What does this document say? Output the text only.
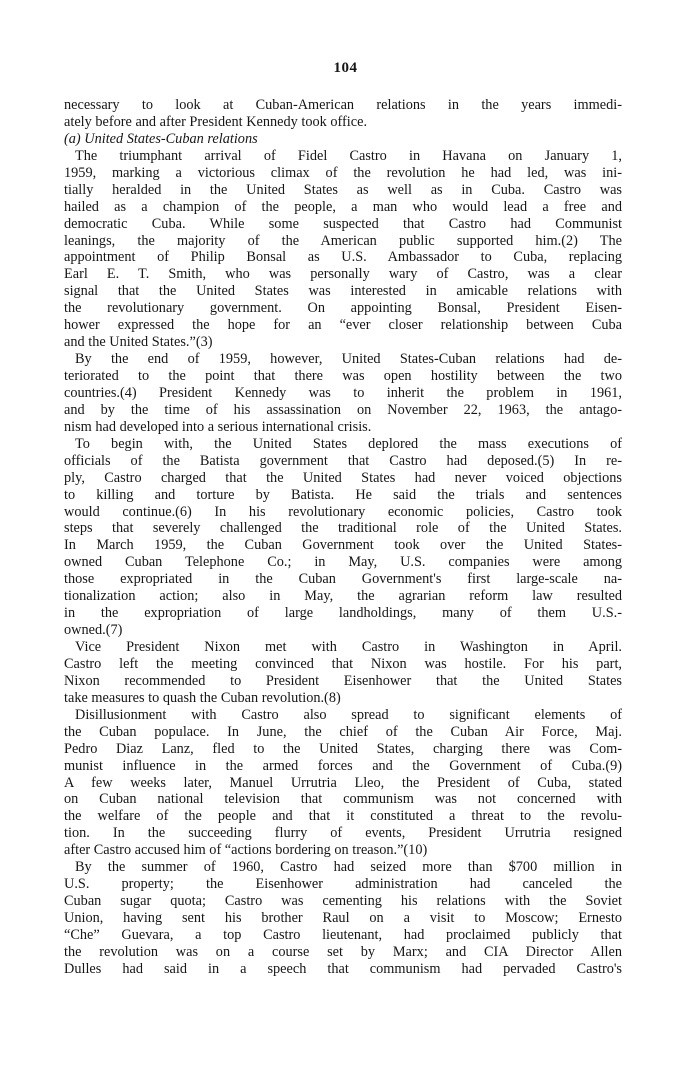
104
necessary to look at Cuban-American relations in the years immedi-
ately before and after President Kennedy took office.
(a) United States-Cuban relations
The triumphant arrival of Fidel Castro in Havana on January 1,
1959, marking a victorious climax of the revolution he had led, was ini-
tially heralded in the United States as well as in Cuba. Castro was
hailed as a champion of the people, a man who would lead a free and
democratic Cuba. While some suspected that Castro had Communist
leanings, the majority of the American public supported him.(2) The
appointment of Philip Bonsal as U.S. Ambassador to Cuba, replacing
Earl E. T. Smith, who was personally wary of Castro, was a clear
signal that the United States was interested in amicable relations with
the revolutionary government. On appointing Bonsal, President Eisen-
hower expressed the hope for an “ever closer relationship between Cuba
and the United States.”(3)
By the end of 1959, however, United States-Cuban relations had de-
teriorated to the point that there was open hostility between the two
countries.(4) President Kennedy was to inherit the problem in 1961,
and by the time of his assassination on November 22, 1963, the antago-
nism had developed into a serious international crisis.
To begin with, the United States deplored the mass executions of
officials of the Batista government that Castro had deposed.(5) In re-
ply, Castro charged that the United States had never voiced objections
to killing and torture by Batista. He said the trials and sentences
would continue.(6) In his revolutionary economic policies, Castro took
steps that severely challenged the traditional role of the United States.
In March 1959, the Cuban Government took over the United States-
owned Cuban Telephone Co.; in May, U.S. companies were among
those expropriated in the Cuban Government's first large-scale na-
tionalization action; also in May, the agrarian reform law resulted
in the expropriation of large landholdings, many of them U.S.-
owned.(7)
Vice President Nixon met with Castro in Washington in April.
Castro left the meeting convinced that Nixon was hostile. For his part,
Nixon recommended to President Eisenhower that the United States
take measures to quash the Cuban revolution.(8)
Disillusionment with Castro also spread to significant elements of
the Cuban populace. In June, the chief of the Cuban Air Force, Maj.
Pedro Diaz Lanz, fled to the United States, charging there was Com-
munist influence in the armed forces and the Government of Cuba.(9)
A few weeks later, Manuel Urrutria Lleo, the President of Cuba, stated
on Cuban national television that communism was not concerned with
the welfare of the people and that it constituted a threat to the revolu-
tion. In the succeeding flurry of events, President Urrutria resigned
after Castro accused him of “actions bordering on treason.”(10)
By the summer of 1960, Castro had seized more than $700 million in
U.S. property; the Eisenhower administration had canceled the
Cuban sugar quota; Castro was cementing his relations with the Soviet
Union, having sent his brother Raul on a visit to Moscow; Ernesto
“Che” Guevara, a top Castro lieutenant, had proclaimed publicly that
the revolution was on a course set by Marx; and CIA Director Allen
Dulles had said in a speech that communism had pervaded Castro's
